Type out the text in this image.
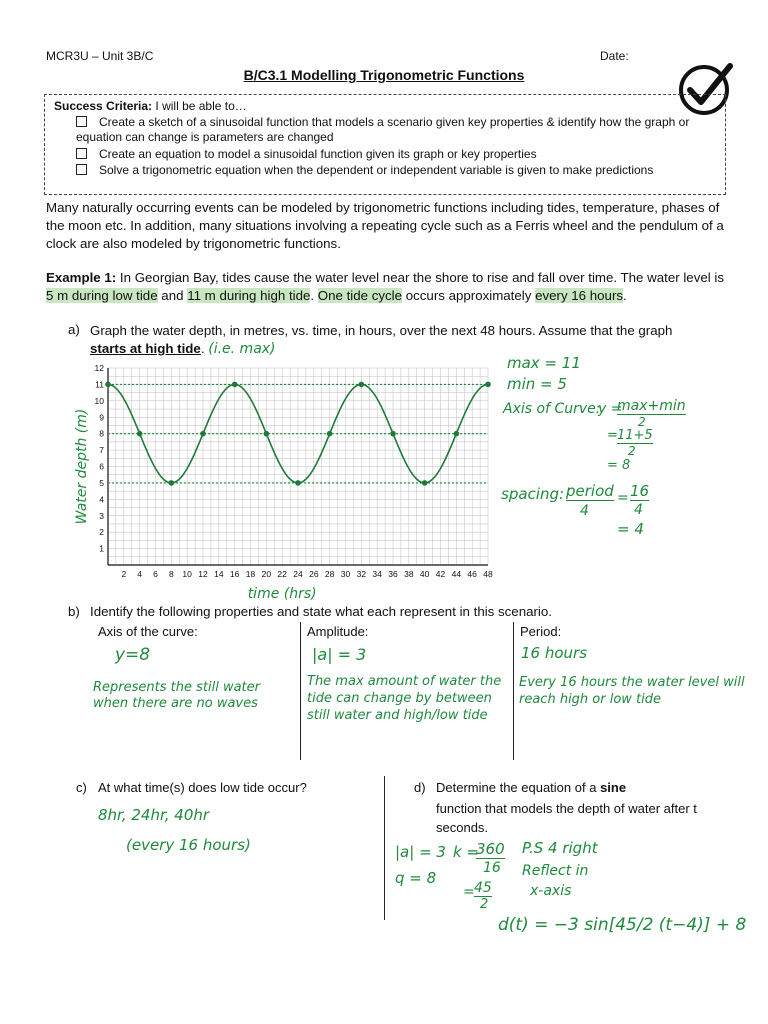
MCR3U – Unit 3B/C	Date:
B/C3.1 Modelling Trigonometric Functions
Success Criteria: I will be able to…
Create a sketch of a sinusoidal function that models a scenario given key properties & identify how the graph or equation can change is parameters are changed
Create an equation to model a sinusoidal function given its graph or key properties
Solve a trigonometric equation when the dependent or independent variable is given to make predictions
Many naturally occurring events can be modeled by trigonometric functions including tides, temperature, phases of the moon etc. In addition, many situations involving a repeating cycle such as a Ferris wheel and the pendulum of a clock are also modeled by trigonometric functions.
Example 1: In Georgian Bay, tides cause the water level near the shore to rise and fall over time. The water level is 5 m during low tide and 11 m during high tide. One tide cycle occurs approximately every 16 hours.
a) Graph the water depth, in metres, vs. time, in hours, over the next 48 hours. Assume that the graph starts at high tide. (i.e. max)
2 4 6 8 10 12 14 16 18 20 22 24 26 28 30 32 34 36 38 40 42 44 46 48
1
2
3
4
5
6
7
8
9
10
11
12
time (hrs)
Water depth (m)
max = 11
min = 5
Axis of Curve:
y =
max+min
2
= 11+5
2
= 8
spacing: period
4
= 16
4
= 4
b) Identify the following properties and state what each represent in this scenario.
Axis of the curve:
y=8
Represents the still water when there are no waves
Amplitude:
|a| = 3
The max amount of water the tide can change by between still water and high/low tide
Period:
16 hours
Every 16 hours the water level will reach high or low tide
c) At what time(s) does low tide occur?
8hr, 24hr, 40hr
(every 16 hours)
d) Determine the equation of a sine
function that models the depth of water after t seconds.
|a| = 3
q = 8
k =
360
16
= 45
2
P.S 4 right
Reflect in
x-axis
d(t) = −3 sin[45/2 (t−4)] + 8
